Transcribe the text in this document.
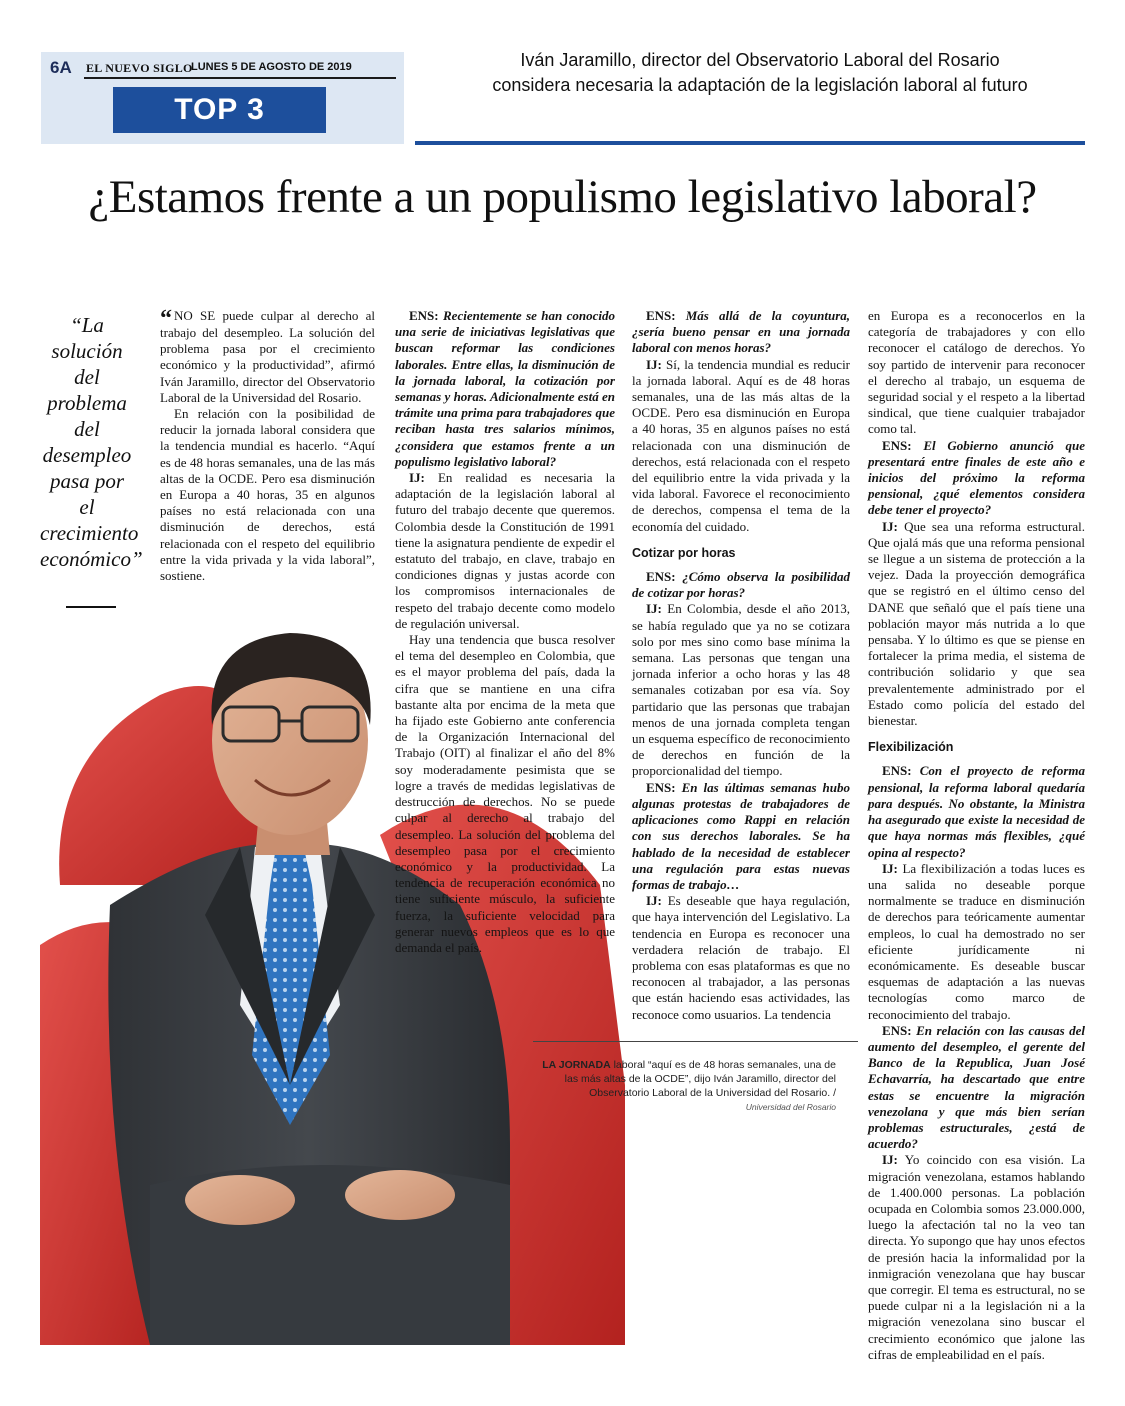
6A EL NUEVO SIGLO
LUNES 5 DE AGOSTO DE 2019
TOP 3
Iván Jaramillo, director del Observatorio Laboral del Rosario considera necesaria la adaptación de la legislación laboral al futuro
¿Estamos frente a un populismo legislativo laboral?
“La solución del problema del desempleo pasa por el crecimiento económico”
LA JORNADA laboral “aquí es de 48 horas semanales, una de las más altas de la OCDE”, dijo Iván Jaramillo, director del Observatorio Laboral de la Universidad del Rosario. /
Universidad del Rosario

“ NO SE puede culpar al derecho al trabajo del desempleo. La solución del problema pasa por el crecimiento económico y la productividad”, afirmó Iván Jaramillo, director del Observatorio Laboral de la Universidad del Rosario.

En relación con la posibilidad de reducir la jornada laboral considera que la tendencia mundial es hacerlo. “Aquí es de 48 horas semanales, una de las más altas de la OCDE. Pero esa disminución en Europa a 40 horas, 35 en algunos países no está relacionada con una disminución de derechos, está relacionada con el respeto del equilibrio entre la vida privada y la vida laboral”, sostiene.

ENS: Recientemente se han conocido una serie de iniciativas legislativas que buscan reformar las condiciones laborales. Entre ellas, la disminución de la jornada laboral, la cotización por semanas y horas. Adicionalmente está en trámite una prima para trabajadores que reciban hasta tres salarios mínimos, ¿considera que estamos frente a un populismo legislativo laboral?

IJ: En realidad es necesaria la adaptación de la legislación laboral al futuro del trabajo decente que queremos. Colombia desde la Constitución de 1991 tiene la asignatura pendiente de expedir el estatuto del trabajo, en clave, trabajo en condiciones dignas y justas acorde con los compromisos internacionales de respeto del trabajo decente como modelo de regulación universal.

Hay una tendencia que busca resolver el tema del desempleo en Colombia, que es el mayor problema del país, dada la cifra que se mantiene en una cifra bastante alta por encima de la meta que ha fijado este Gobierno ante conferencia de la Organización Internacional del Trabajo (OIT) al finalizar el año del 8% soy moderadamente pesimista que se logre a través de medidas legislativas de destrucción de derechos. No se puede culpar al derecho al trabajo del desempleo. La solución del problema del desempleo pasa por el crecimiento económico y la productividad. La tendencia de recuperación económica no tiene suficiente músculo, la suficiente fuerza, la suficiente velocidad para generar nuevos empleos que es lo que demanda el país.

ENS: Más allá de la coyuntura, ¿sería bueno pensar en una jornada laboral con menos horas?

IJ: Sí, la tendencia mundial es reducir la jornada laboral. Aquí es de 48 horas semanales, una de las más altas de la OCDE. Pero esa disminución en Europa a 40 horas, 35 en algunos países no está relacionada con una disminución de derechos, está relacionada con el respeto del equilibrio entre la vida privada y la vida laboral. Favorece el reconocimiento de derechos, compensa el tema de la economía del cuidado.

Cotizar por horas

ENS: ¿Cómo observa la posibilidad de cotizar por horas?

IJ: En Colombia, desde el año 2013, se había regulado que ya no se cotizara solo por mes sino como base mínima la semana. Las personas que tengan una jornada inferior a ocho horas y las 48 semanales cotizaban por esa vía. Soy partidario que las personas que trabajan menos de una jornada completa tengan un esquema específico de reconocimiento de derechos en función de la proporcionalidad del tiempo.

ENS: En las últimas semanas hubo algunas protestas de trabajadores de aplicaciones como Rappi en relación con sus derechos laborales. Se ha hablado de la necesidad de establecer una regulación para estas nuevas formas de trabajo…

IJ: Es deseable que haya regulación, que haya intervención del Legislativo. La tendencia en Europa es reconocer una verdadera relación de trabajo. El problema con esas plataformas es que no reconocen al trabajador, a las personas que están haciendo esas actividades, las reconoce como usuarios. La tendencia

en Europa es a reconocerlos en la categoría de trabajadores y con ello reconocer el catálogo de derechos. Yo soy partido de intervenir para reconocer el derecho al trabajo, un esquema de seguridad social y el respeto a la libertad sindical, que tiene cualquier trabajador como tal.

ENS: El Gobierno anunció que presentará entre finales de este año e inicios del próximo la reforma pensional, ¿qué elementos considera debe tener el proyecto?

IJ: Que sea una reforma estructural. Que ojalá más que una reforma pensional se llegue a un sistema de protección a la vejez. Dada la proyección demográfica que se registró en el último censo del DANE que señaló que el país tiene una población mayor más nutrida a lo que pensaba. Y lo último es que se piense en fortalecer la prima media, el sistema de contribución solidario y que sea prevalentemente administrado por el Estado como policía del estado del bienestar.

Flexibilización

ENS: Con el proyecto de reforma pensional, la reforma laboral quedaría para después. No obstante, la Ministra ha asegurado que existe la necesidad de que haya normas más flexibles, ¿qué opina al respecto?

IJ: La flexibilización a todas luces es una salida no deseable porque normalmente se traduce en disminución de derechos para teóricamente aumentar empleos, lo cual ha demostrado no ser eficiente jurídicamente ni económicamente. Es deseable buscar esquemas de adaptación a las nuevas tecnologías como marco de reconocimiento del trabajo.

ENS: En relación con las causas del aumento del desempleo, el gerente del Banco de la Republica, Juan José Echavarría, ha descartado que entre estas se encuentre la migración venezolana y que más bien serían problemas estructurales, ¿está de acuerdo?

IJ: Yo coincido con esa visión. La migración venezolana, estamos hablando de 1.400.000 personas. La población ocupada en Colombia somos 23.000.000, luego la afectación tal no la veo tan directa. Yo supongo que hay unos efectos de presión hacia la informalidad por la inmigración venezolana que hay buscar que corregir. El tema es estructural, no se puede culpar ni a la legislación ni a la migración venezolana sino buscar el crecimiento económico que jalone las cifras de empleabilidad en el país.
